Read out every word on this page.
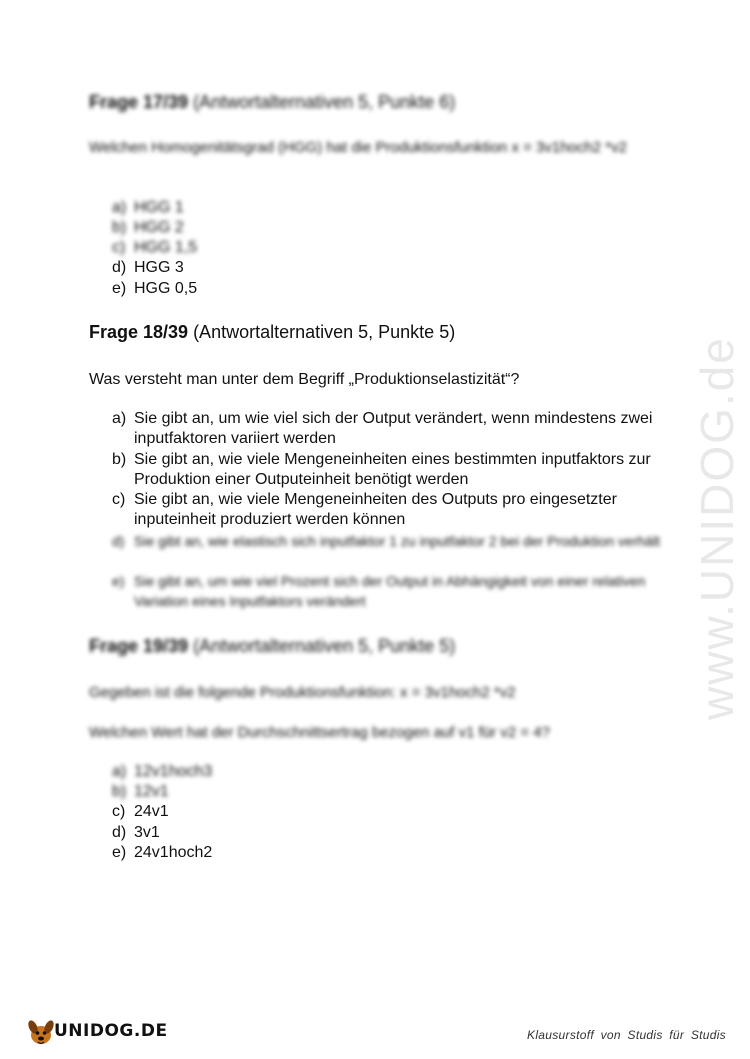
Frage 17/39 (Antwortalternativen 5, Punkte 6)

Welchen Homogenitätsgrad (HGG) hat die Produktionsfunktion x = 3v1hoch2 *v2

a) HGG 1
b) HGG 2
c) HGG 1,5
d) HGG 3
e) HGG 0,5

Frage 18/39 (Antwortalternativen 5, Punkte 5)

Was versteht man unter dem Begriff „Produktionselastizität“?

a) Sie gibt an, um wie viel sich der Output verändert, wenn mindestens zwei inputfaktoren variiert werden
b) Sie gibt an, wie viele Mengeneinheiten eines bestimmten inputfaktors zur Produktion einer Outputeinheit benötigt werden
c) Sie gibt an, wie viele Mengeneinheiten des Outputs pro eingesetzter inputeinheit produziert werden können
d) Sie gibt an, wie elastisch sich inputfaktor 1 zu inputfaktor 2 bei der Produktion verhält
e) Sie gibt an, um wie viel Prozent sich der Output in Abhängigkeit von einer relativen Variation eines Inputfaktors verändert

Frage 19/39 (Antwortalternativen 5, Punkte 5)

Gegeben ist die folgende Produktionsfunktion: x = 3v1hoch2 *v2

Welchen Wert hat der Durchschnittsertrag bezogen auf v1 für v2 = 4?

a) 12v1hoch3
b) 12v1
c) 24v1
d) 3v1
e) 24v1hoch2
www.UNIDOG.de
UNIDOG.DE	Klausurstoff von Studis für Studis
